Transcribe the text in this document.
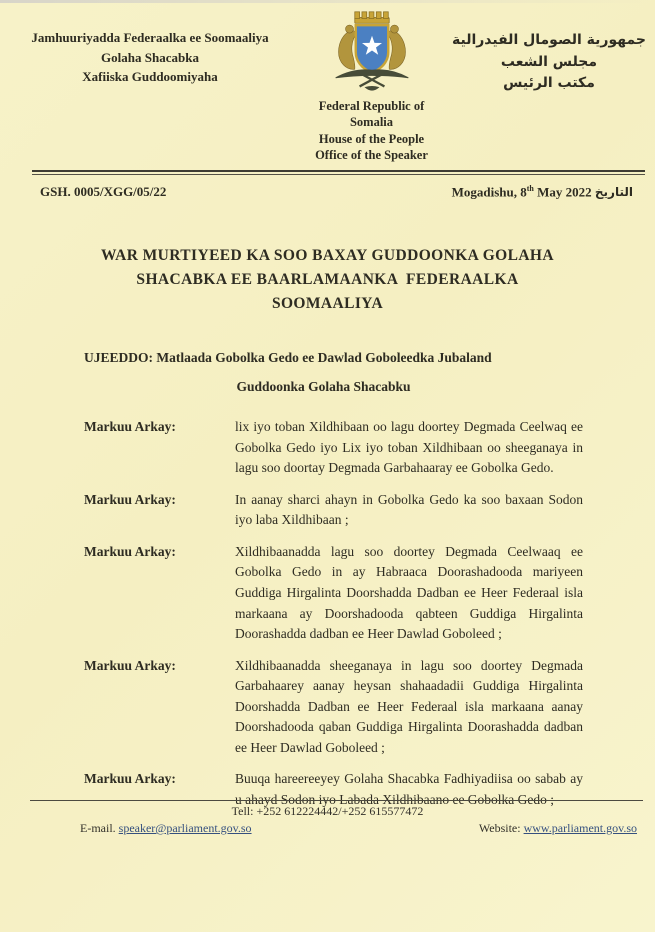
Jamhuuriyadda Federaalka ee Soomaaliya
Golaha Shacabka
Xafiiska Guddoomiyaha
Federal Republic of Somalia
House of the People
Office of the Speaker
جمهورية الصومال الفيدرالية
مجلس الشعب
مكتب الرئيس
GSH. 0005/XGG/05/22	Mogadishu, 8th May 2022 التاريخ
WAR MURTIYEED KA SOO BAXAY GUDDOONKA GOLAHA
SHACABKA EE BAARLAMAANKA  FEDERAALKA
SOOMAALIYA
UJEEDDO: Matlaada Gobolka Gedo ee Dawlad Goboleedka Jubaland
Guddoonka Golaha Shacabku
Markuu Arkay:	lix iyo toban Xildhibaan oo lagu doortey Degmada Ceelwaq ee Gobolka Gedo iyo Lix iyo toban Xildhibaan oo sheeganaya in lagu soo doortay Degmada Garbahaaray ee Gobolka Gedo.
Markuu Arkay:	In aanay sharci ahayn in Gobolka Gedo ka soo baxaan Sodon iyo laba Xildhibaan ;
Markuu Arkay:	Xildhibaanadda lagu soo doortey Degmada Ceelwaaq ee Gobolka Gedo in ay Habraaca Doorashadooda mariyeen Guddiga Hirgalinta Doorshadda Dadban ee Heer Federaal isla markaana ay Doorshadooda qabteen Guddiga Hirgalinta Doorashadda dadban ee Heer Dawlad Goboleed ;
Markuu Arkay:	Xildhibaanadda sheeganaya in lagu soo doortey Degmada Garbahaarey aanay heysan shahaadadii Guddiga Hirgalinta Doorshadda Dadban ee Heer Federaal isla markaana aanay Doorshadooda qaban Guddiga Hirgalinta Doorashadda dadban ee Heer Dawlad Goboleed ;
Markuu Arkay:	Buuqa hareereeyey Golaha Shacabka Fadhiyadiisa oo sabab ay u ahayd Sodon iyo Labada Xildhibaano ee Gobolka Gedo ;
Tell: +252 612224442/+252 615577472
E-mail. speaker@parliament.gov.so	Website: www.parliament.gov.so
